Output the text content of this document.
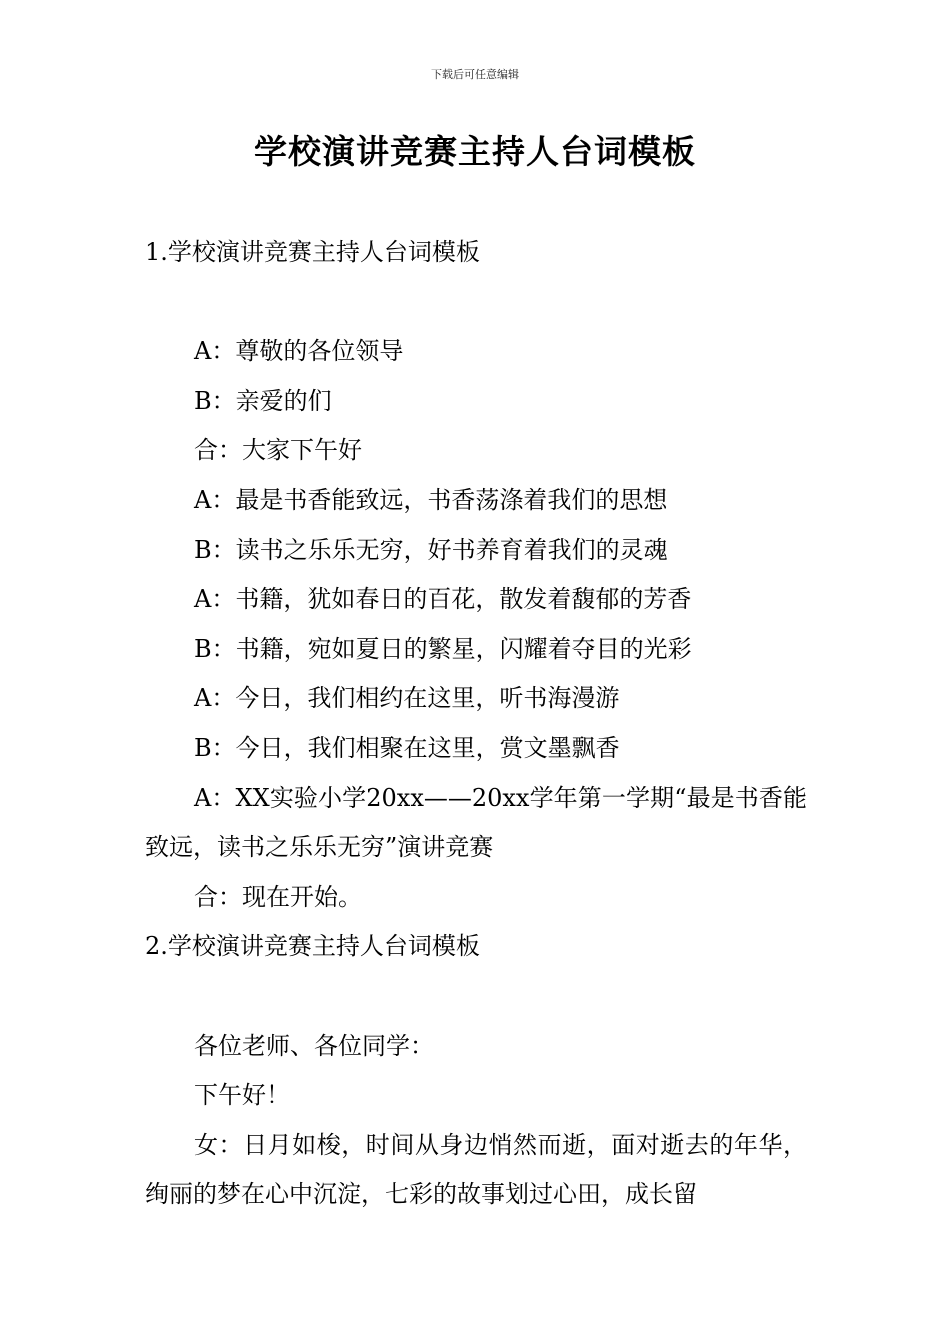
下载后可任意编辑
学校演讲竞赛主持人台词模板

1.学校演讲竞赛主持人台词模板

A：尊敬的各位领导

B：亲爱的们

合：大家下午好

A：最是书香能致远，书香荡涤着我们的思想

B：读书之乐乐无穷，好书养育着我们的灵魂

A：书籍，犹如春日的百花，散发着馥郁的芳香

B：书籍，宛如夏日的繁星，闪耀着夺目的光彩

A：今日，我们相约在这里，听书海漫游

B：今日，我们相聚在这里，赏文墨飘香

A：XX实验小学20xx——20xx学年第一学期“最是书香能致远，读书之乐乐无穷”演讲竞赛

合：现在开始。

2.学校演讲竞赛主持人台词模板

各位老师、各位同学：

下午好！

女：日月如梭，时间从身边悄然而逝，面对逝去的年华，绚丽的梦在心中沉淀，七彩的故事划过心田，成长留
